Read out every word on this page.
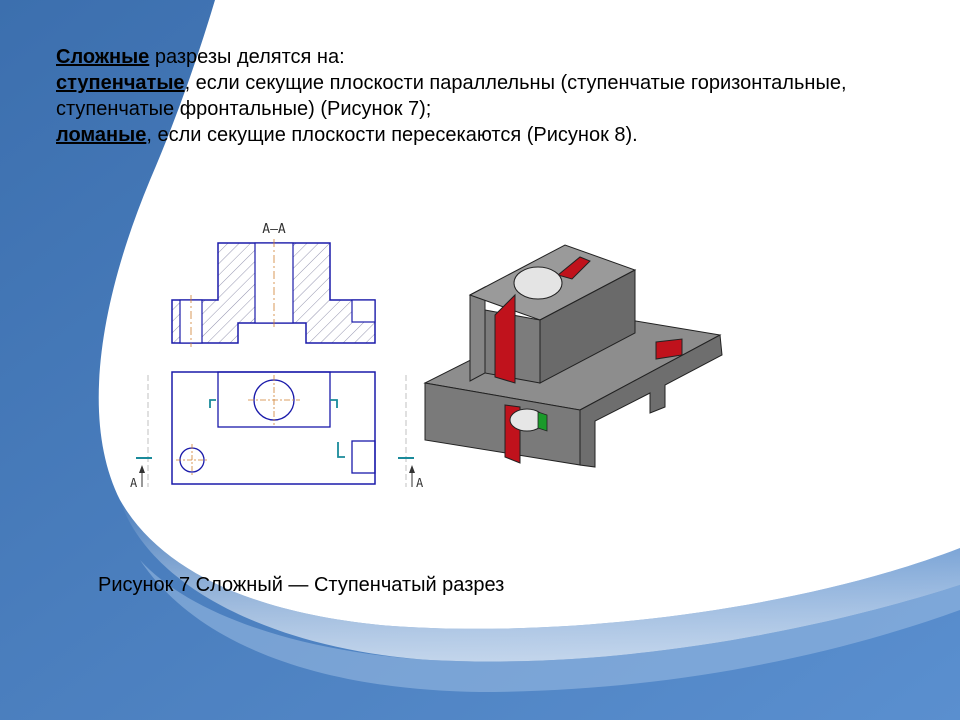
Сложные разрезы делятся на:

ступенчатые, если секущие плоскости параллельны (ступенчатые горизонтальные, ступенчатые фронтальные) (Рисунок 7);

ломаные, если секущие плоскости пересекаются (Рисунок 8).

А–А
А	А
Рисунок 7 Сложный — Ступенчатый разрез
